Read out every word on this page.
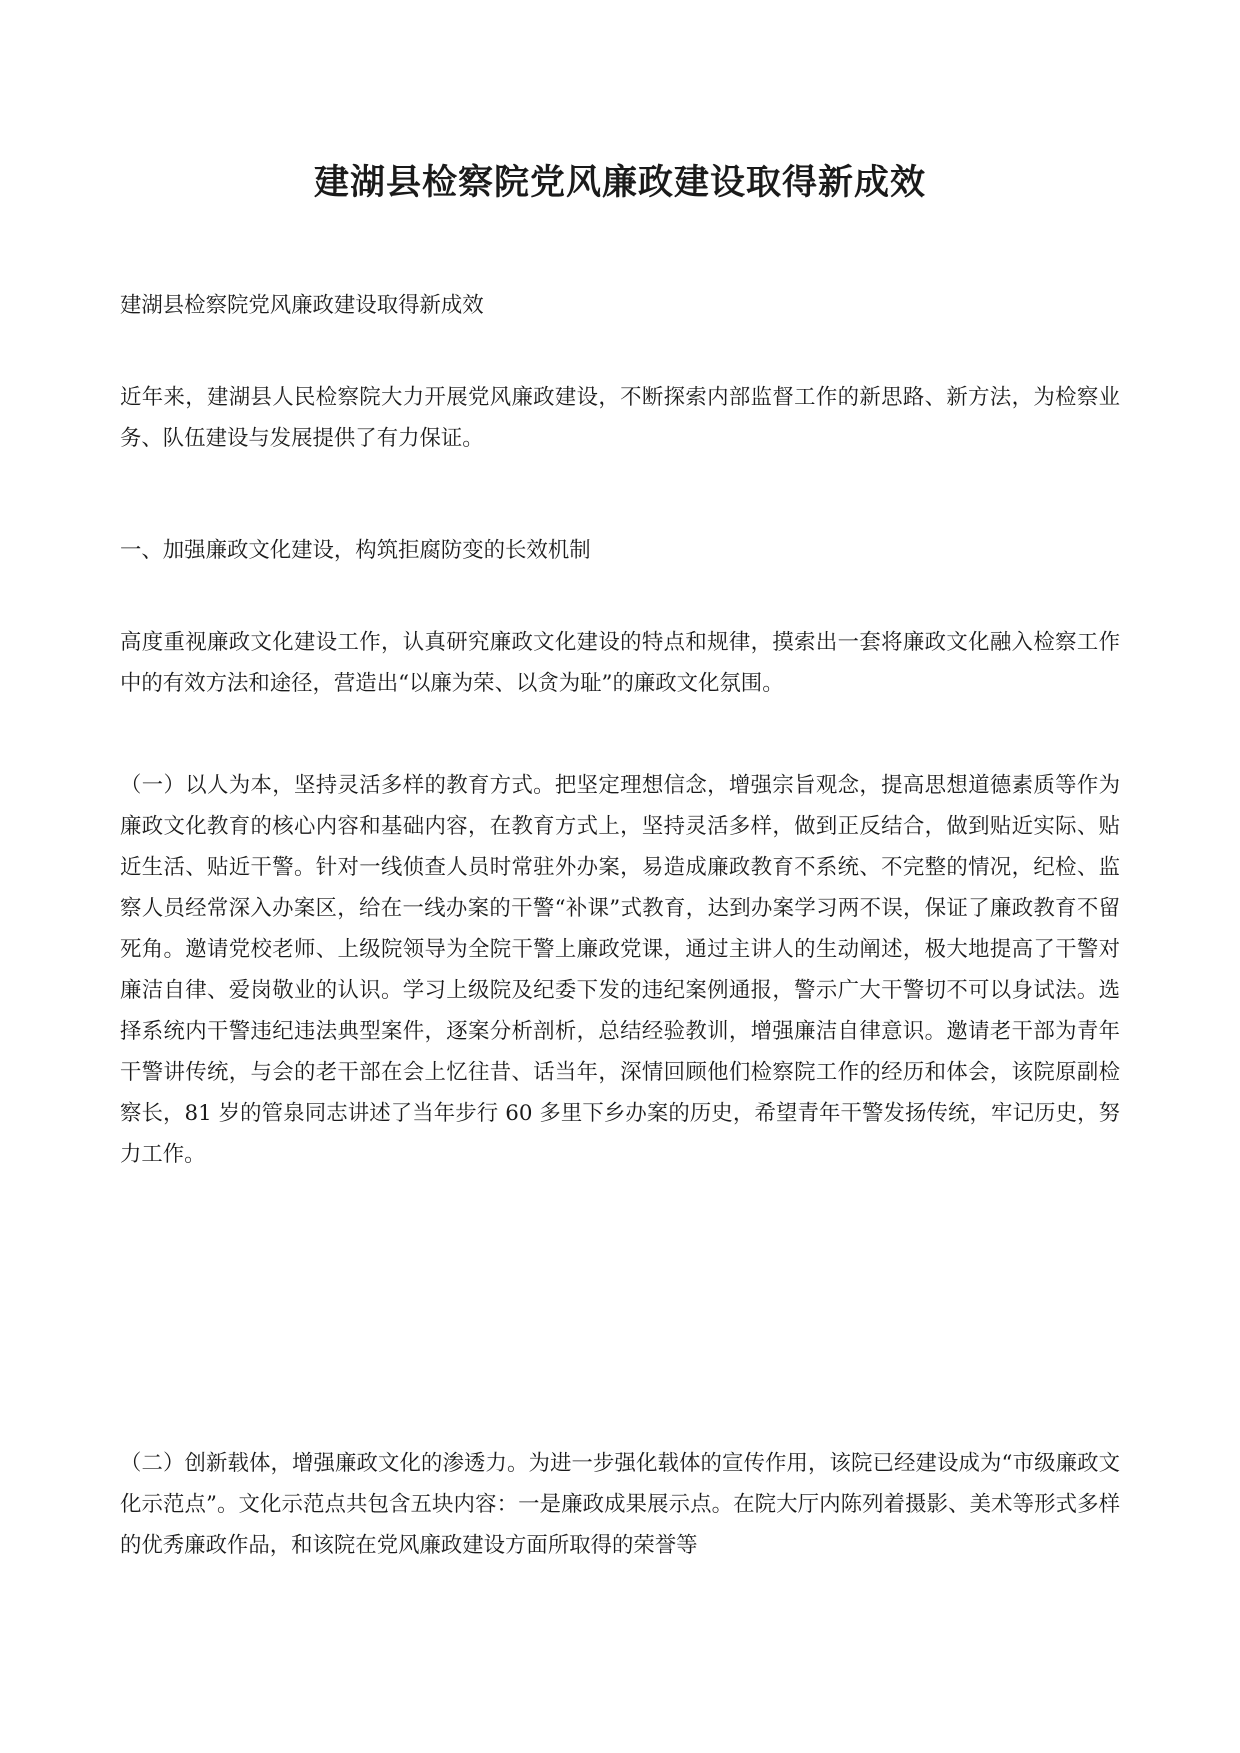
建湖县检察院党风廉政建设取得新成效

建湖县检察院党风廉政建设取得新成效

近年来，建湖县人民检察院大力开展党风廉政建设，不断探索内部监督工作的新思路、新方法，为检察业务、队伍建设与发展提供了有力保证。

一、加强廉政文化建设，构筑拒腐防变的长效机制

高度重视廉政文化建设工作，认真研究廉政文化建设的特点和规律，摸索出一套将廉政文化融入检察工作中的有效方法和途径，营造出“以廉为荣、以贪为耻”的廉政文化氛围。

（一）以人为本，坚持灵活多样的教育方式。把坚定理想信念，增强宗旨观念，提高思想道德素质等作为廉政文化教育的核心内容和基础内容，在教育方式上，坚持灵活多样，做到正反结合，做到贴近实际、贴近生活、贴近干警。针对一线侦查人员时常驻外办案，易造成廉政教育不系统、不完整的情况，纪检、监察人员经常深入办案区，给在一线办案的干警“补课”式教育，达到办案学习两不误，保证了廉政教育不留死角。邀请党校老师、上级院领导为全院干警上廉政党课，通过主讲人的生动阐述，极大地提高了干警对廉洁自律、爱岗敬业的认识。学习上级院及纪委下发的违纪案例通报，警示广大干警切不可以身试法。选择系统内干警违纪违法典型案件，逐案分析剖析，总结经验教训，增强廉洁自律意识。邀请老干部为青年干警讲传统，与会的老干部在会上忆往昔、话当年，深情回顾他们检察院工作的经历和体会，该院原副检察长，81 岁的管泉同志讲述了当年步行 60 多里下乡办案的历史，希望青年干警发扬传统，牢记历史，努力工作。

（二）创新载体，增强廉政文化的渗透力。为进一步强化载体的宣传作用，该院已经建设成为“市级廉政文化示范点”。文化示范点共包含五块内容：一是廉政成果展示点。在院大厅内陈列着摄影、美术等形式多样的优秀廉政作品，和该院在党风廉政建设方面所取得的荣誉等
